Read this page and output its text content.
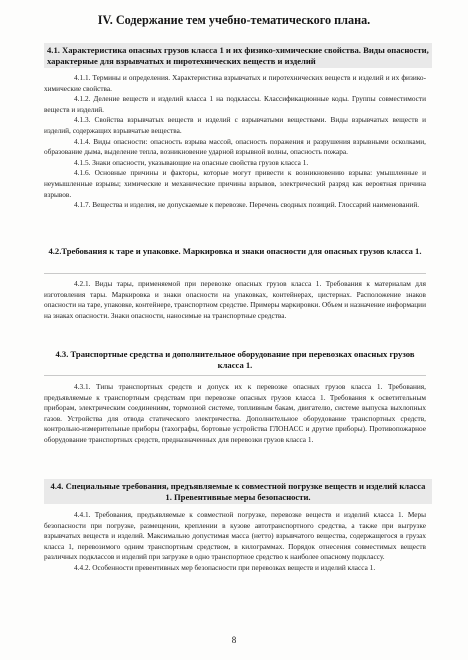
IV. Содержание тем учебно-тематического плана.
4.1. Характеристика опасных грузов класса 1 и их физико-химические свойства. Виды опасности, характерные для взрывчатых и пиротехнических веществ и изделий

4.1.1. Термины и определения. Характеристика взрывчатых и пиротехнических веществ и изделий и их физико-химические свойства.

4.1.2. Деление веществ и изделий класса 1 на подклассы. Классификационные коды. Группы совместимости веществ и изделий.

4.1.3. Свойства взрывчатых веществ и изделий с взрывчатыми веществами. Виды взрывчатых веществ и изделий, содержащих взрывчатые вещества.

4.1.4. Виды опасности: опасность взрыва массой, опасность поражения и разрушения взрывными осколками, образование дыма, выделение тепла, возникновение ударной взрывной волны, опасность пожара.

4.1.5. Знаки опасности, указывающие на опасные свойства грузов класса 1.

4.1.6. Основные причины и факторы, которые могут привести к возникновению взрыва: умышленные и неумышленные взрывы; химические и механические причины взрывов, электрический разряд как вероятная причина взрывов.

4.1.7. Вещества и изделия, не допускаемые к перевозке. Перечень сводных позиций. Глоссарий наименований.

4.2.Требования к таре и упаковке. Маркировка и знаки опасности для опасных грузов класса 1.

4.2.1. Виды тары, применяемой при перевозке опасных грузов класса 1. Требования к материалам для изготовления тары. Маркировка и знаки опасности на упаковках, контейнерах, цистернах. Расположение знаков опасности на таре, упаковке, контейнере, транспортном средстве. Примеры маркировки. Объем и назначение информации на знаках опасности. Знаки опасности, наносимые на транспортные средства.

4.3. Транспортные средства и дополнительное оборудование при перевозках опасных грузов класса 1.

4.3.1. Типы транспортных средств и допуск их к перевозке опасных грузов класса 1. Требования, предъявляемые к транспортным средствам при перевозке опасных грузов класса 1. Требования к осветительным приборам, электрическим соединениям, тормозной системе, топливным бакам, двигателю, системе выпуска выхлопных газов. Устройства для отвода статического электричества. Дополнительное оборудование транспортных средств, контрольно-измерительные приборы (тахографы, бортовые устройства ГЛОНАСС и другие приборы). Противопожарное оборудование транспортных средств, предназначенных для перевозки грузов класса 1.

4.4. Специальные требования, предъявляемые к совместной погрузке веществ и изделий класса 1. Превентивные меры безопасности.

4.4.1. Требования, предъявляемые к совместной погрузке, перевозке веществ и изделий класса 1. Меры безопасности при погрузке, размещении, креплении в кузове автотранспортного средства, а также при выгрузке взрывчатых веществ и изделий. Максимально допустимая масса (нетто) взрывчатого вещества, содержащегося в грузах класса 1, перевозимого одним транспортным средством, в килограммах. Порядок отнесения совместимых веществ различных подклассов и изделий при загрузке в одно транспортное средство к наиболее опасному подклассу.

4.4.2. Особенности превентивных мер безопасности при перевозках веществ и изделий класса 1.

8
